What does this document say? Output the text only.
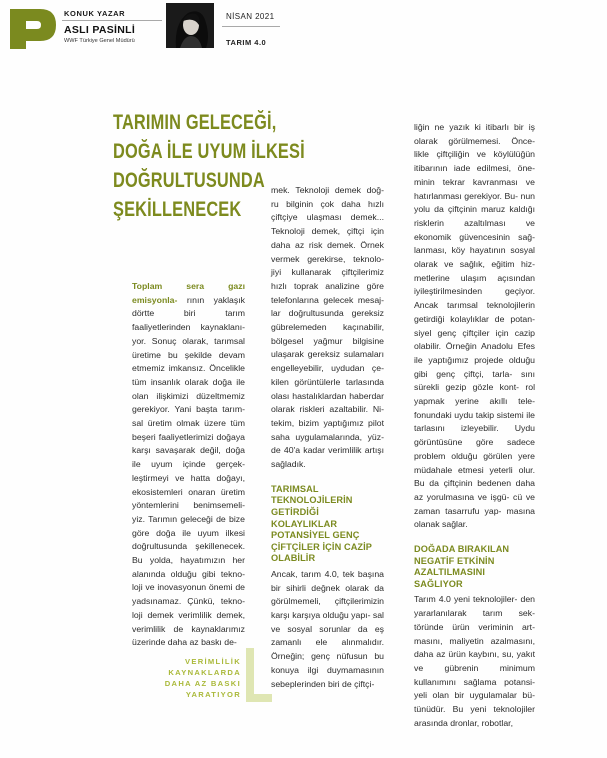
KONUK YAZAR
ASLI PASİNLİ
WWF Türkiye Genel Müdürü
NİSAN 2021
TARIM 4.0
TARIMIN GELECEĞİ,
DOĞA İLE UYUM İLKESİ
DOĞRULTUSUNDA
ŞEKİLLENECEK

Toplam sera gazı emisyonla- rının yaklaşık dörtte biri tarım faaliyetlerinden kaynaklanı- yor. Sonuç olarak, tarımsal üretime bu şekilde devam etmemiz imkansız. Öncelikle tüm insanlık olarak doğa ile olan ilişkimizi düzeltmemiz gerekiyor. Yani başta tarım- sal üretim olmak üzere tüm beşeri faaliyetlerimizi doğaya karşı savaşarak değil, doğa ile uyum içinde gerçek- leştirmeyi ve hatta doğayı, ekosistemleri onaran üretim yöntemlerini benimsemeli- yiz. Tarımın geleceği de bize göre doğa ile uyum ilkesi doğrultusunda şekillenecek. Bu yolda, hayatımızın her alanında olduğu gibi tekno- loji ve inovasyonun önemi de yadsınamaz. Çünkü, tekno- loji demek verimlilik demek, verimlilik de kaynaklarımız üzerinde daha az baskı de-

mek. Teknoloji demek doğ- ru bilginin çok daha hızlı çiftçiye ulaşması demek... Teknoloji demek, çiftçi için daha az risk demek. Örnek vermek gerekirse, teknolo- jiyi kullanarak çiftçilerimiz hızlı toprak analizine göre telefonlarına gelecek mesaj- lar doğrultusunda gereksiz gübrelemeden kaçınabilir, bölgesel yağmur bilgisine ulaşarak gereksiz sulamaları engelleyebilir, uydudan çe- kilen görüntülerle tarlasında olası hastalıklardan haberdar olarak riskleri azaltabilir. Ni- tekim, bizim yaptığımız pilot saha uygulamalarında, yüz- de 40'a kadar verimlilik artışı sağladık.

TARIMSAL TEKNOLOJİLERİN GETİRDİĞİ KOLAYLIKLAR POTANSİYEL GENÇ ÇİFTÇİLER İÇİN CAZİP OLABİLİR

Ancak, tarım 4.0, tek başına bir sihirli değnek olarak da görülmemeli, çiftçilerimizin karşı karşıya olduğu yapı- sal ve sosyal sorunlar da eş zamanlı ele alınmalıdır. Örneğin; genç nüfusun bu konuya ilgi duymamasının sebeplerinden biri de çiftçi-

liğin ne yazık ki itibarlı bir iş olarak görülmemesi. Önce- likle çiftçiliğin ve köylülüğün itibarının iade edilmesi, öne- minin tekrar kavranması ve hatırlanması gerekiyor. Bu- nun yolu da çiftçinin maruz kaldığı risklerin azaltılması ve ekonomik güvencesinin sağ- lanması, köy hayatının sosyal olarak ve sağlık, eğitim hiz- metlerine ulaşım açısından iyileştirilmesinden geçiyor. Ancak tarımsal teknolojilerin getirdiği kolaylıklar de potan- siyel genç çiftçiler için cazip olabilir. Örneğin Anadolu Efes ile yaptığımız projede olduğu gibi genç çiftçi, tarla- sını sürekli gezip gözle kont- rol yapmak yerine akıllı tele- fonundaki uydu takip sistemi ile tarlasını izleyebilir. Uydu görüntüsüne göre sadece problem olduğu görülen yere müdahale etmesi yeterli olur. Bu da çiftçinin bedenen daha az yorulmasına ve işgü- cü ve zaman tasarrufu yap- masına olanak sağlar.

DOĞADA BIRAKILAN NEGATİF ETKİNİN AZALTILMASINI SAĞLIYOR

Tarım 4.0 yeni teknolojiler- den yararlanılarak tarım sek- töründe ürün veriminin art- masını, maliyetin azalmasını, daha az ürün kaybını, su, yakıt ve gübrenin minimum kullanımını sağlama potansi- yeli olan bir uygulamalar bü- tünüdür. Bu yeni teknolojiler arasında dronlar, robotlar,

VERİMLİLİK
KAYNAKLARDA
DAHA AZ BASKI
YARATIYOR
